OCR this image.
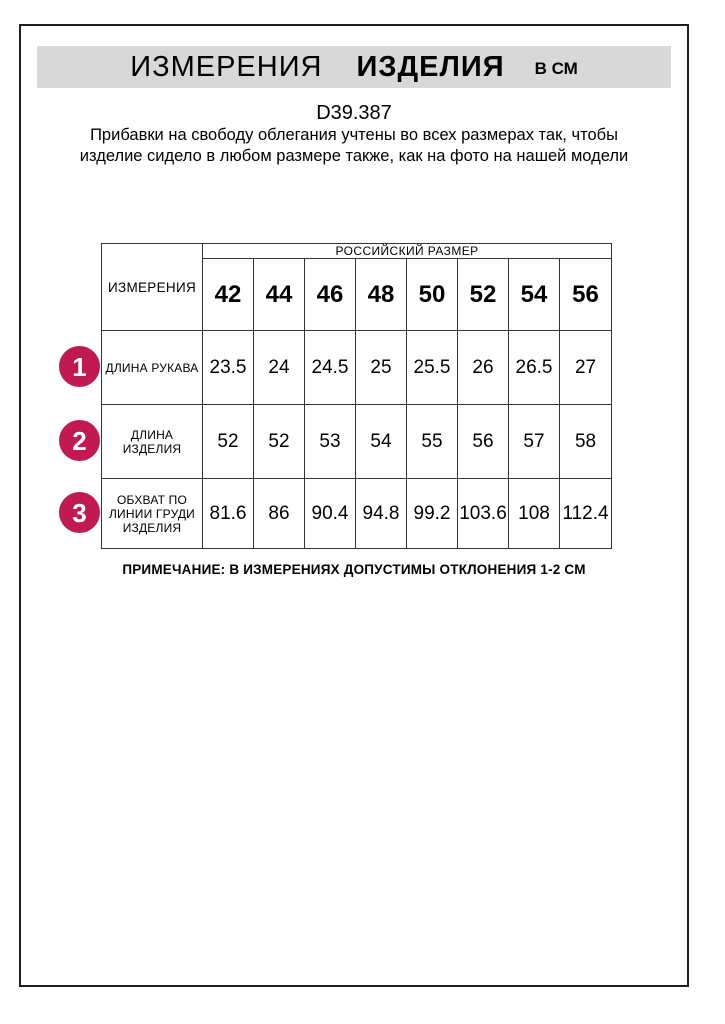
ИЗМЕРЕНИЯ ИЗДЕЛИЯ В СМ
D39.387
Прибавки на свободу облегания учтены во всех размерах так, чтобы изделие сидело в любом размере также, как на фото на нашей модели
ИЗМЕРЕНИЯ	РОССИЙСКИЙ РАЗМЕР							
	42	44	46	48	50	52	54	56
ДЛИНА РУКАВА	23.5	24	24.5	25	25.5	26	26.5	27
ДЛИНА ИЗДЕЛИЯ	52	52	53	54	55	56	57	58
ОБХВАТ ПО ЛИНИИ ГРУДИ ИЗДЕЛИЯ	81.6	86	90.4	94.8	99.2	103.6	108	112.4
1
2
3
ПРИМЕЧАНИЕ: В ИЗМЕРЕНИЯХ ДОПУСТИМЫ ОТКЛОНЕНИЯ 1-2 СМ
